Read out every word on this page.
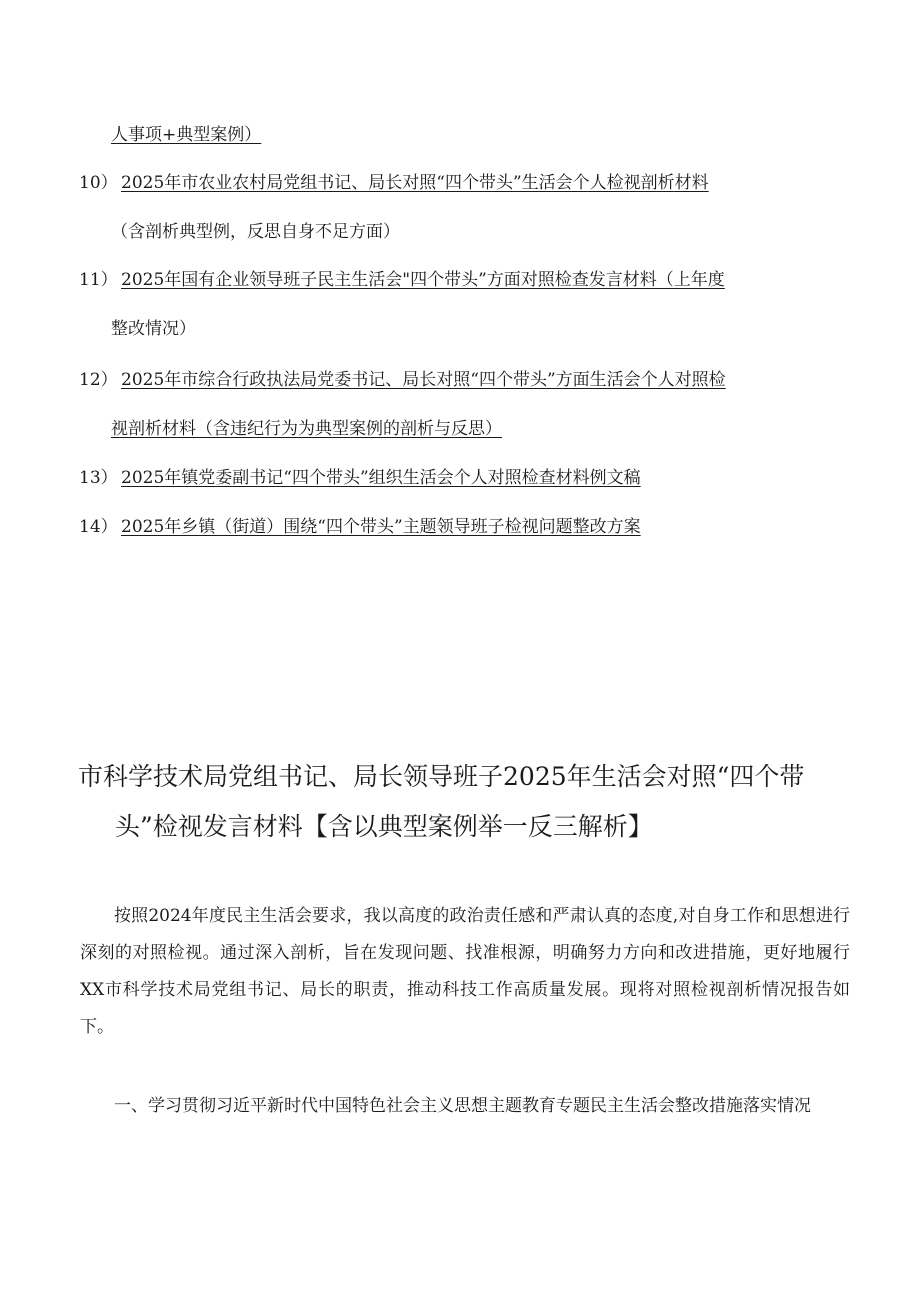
人事项+典型案例）
10） 2025年市农业农村局党组书记、局长对照“四个带头”生活会个人检视剖析材料
（含剖析典型例，反思自身不足方面）
11） 2025年国有企业领导班子民主生活会"四个带头”方面对照检查发言材料（上年度
整改情况）
12） 2025年市综合行政执法局党委书记、局长对照“四个带头”方面生活会个人对照检
视剖析材料（含违纪行为为典型案例的剖析与反思）
13） 2025年镇党委副书记“四个带头”组织生活会个人对照检查材料例文稿
14） 2025年乡镇（街道）围绕“四个带头”主题领导班子检视问题整改方案
市科学技术局党组书记、局长领导班子2025年生活会对照“四个带
头”检视发言材料【含以典型案例举一反三解析】

按照2024年度民主生活会要求，我以高度的政治责任感和严肃认真的态度,对自身工作和思想进行深刻的对照检视。通过深入剖析，旨在发现问题、找准根源，明确努力方向和改进措施，更好地履行XX市科学技术局党组书记、局长的职责，推动科技工作高质量发展。现将对照检视剖析情况报告如下。

一、学习贯彻习近平新时代中国特色社会主义思想主题教育专题民主生活会整改措施落实情况
